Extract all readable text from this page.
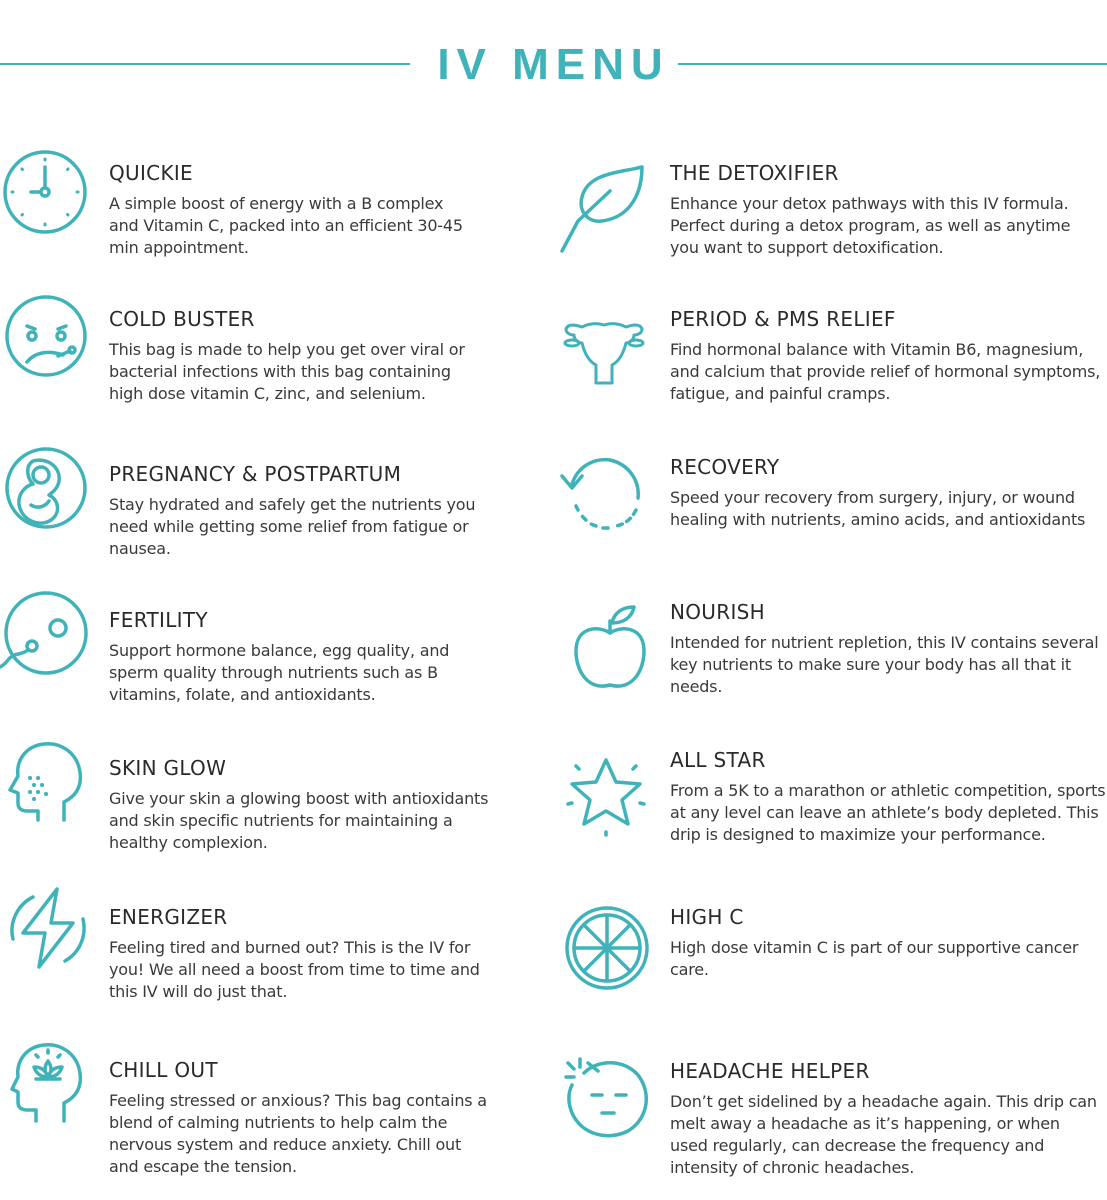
IV MENU
QUICKIE

A simple boost of energy with a B complex and Vitamin C, packed into an efficient 30-45 min appointment.

COLD BUSTER

This bag is made to help you get over viral or bacterial infections with this bag containing high dose vitamin C, zinc, and selenium.

PREGNANCY & POSTPARTUM

Stay hydrated and safely get the nutrients you need while getting some relief from fatigue or nausea.

FERTILITY

Support hormone balance, egg quality, and sperm quality through nutrients such as B vitamins, folate, and antioxidants.

SKIN GLOW

Give your skin a glowing boost with antioxidants and skin specific nutrients for maintaining a healthy complexion.

ENERGIZER

Feeling tired and burned out? This is the IV for you! We all need a boost from time to time and this IV will do just that.

CHILL OUT

Feeling stressed or anxious? This bag contains a blend of calming nutrients to help calm the nervous system and reduce anxiety. Chill out and escape the tension.

THE DETOXIFIER

Enhance your detox pathways with this IV formula. Perfect during a detox program, as well as anytime you want to support detoxification.

PERIOD & PMS RELIEF

Find hormonal balance with Vitamin B6, magnesium, and calcium that provide relief of hormonal symptoms, fatigue, and painful cramps.

RECOVERY

Speed your recovery from surgery, injury, or wound healing with nutrients, amino acids, and antioxidants

NOURISH

Intended for nutrient repletion, this IV contains several key nutrients to make sure your body has all that it needs.

ALL STAR

From a 5K to a marathon or athletic competition, sports at any level can leave an athlete’s body depleted. This drip is designed to maximize your performance.

HIGH C

High dose vitamin C is part of our supportive cancer care.

HEADACHE HELPER

Don’t get sidelined by a headache again. This drip can melt away a headache as it’s happening, or when used regularly, can decrease the frequency and intensity of chronic headaches.
